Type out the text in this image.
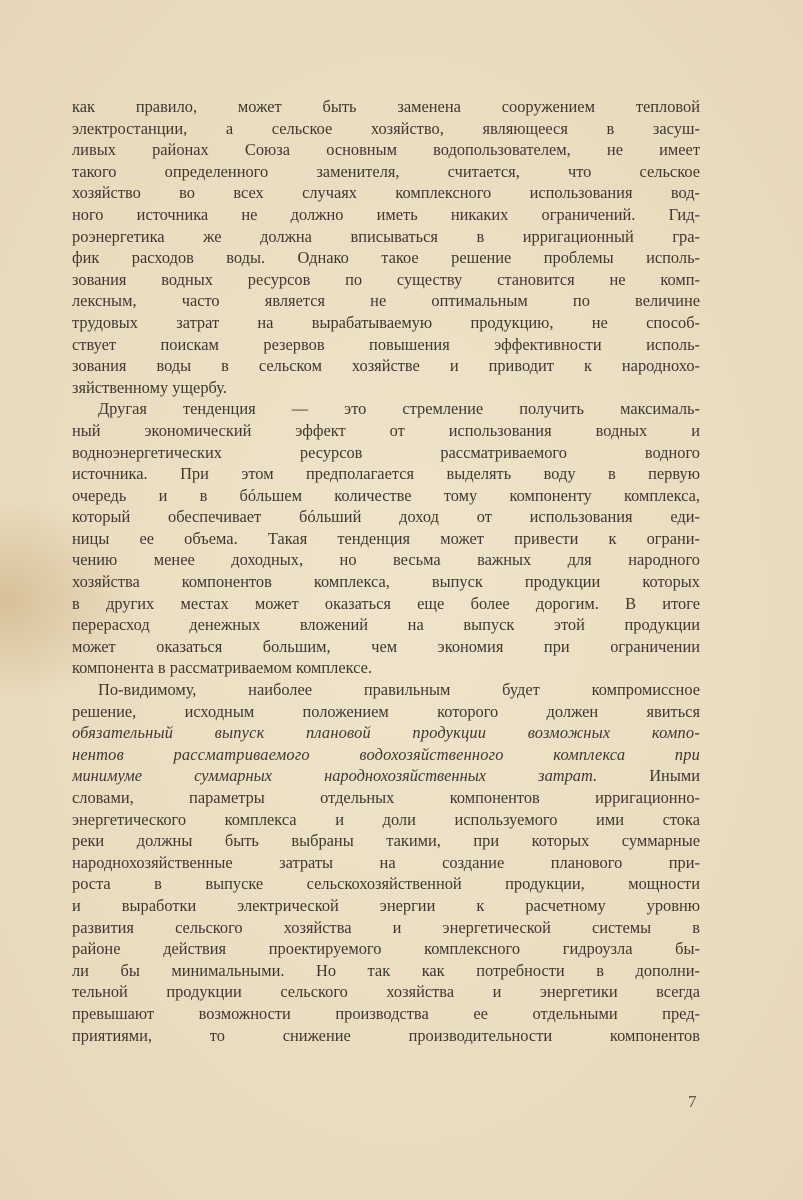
как правило, может быть заменена сооружением тепловой
электростанции, а сельское хозяйство, являющееся в засуш-
ливых районах Союза основным водопользователем, не имеет
такого определенного заменителя, считается, что сельское
хозяйство во всех случаях комплексного использования вод-
ного источника не должно иметь никаких ограничений. Гид-
роэнергетика же должна вписываться в ирригационный гра-
фик расходов воды. Однако такое решение проблемы исполь-
зования водных ресурсов по существу становится не комп-
лексным, часто является не оптимальным по величине
трудовых затрат на вырабатываемую продукцию, не способ-
ствует поискам резервов повышения эффективности исполь-
зования воды в сельском хозяйстве и приводит к народнохо-
зяйственному ущербу.
Другая тенденция — это стремление получить максималь-
ный экономический эффект от использования водных и
водноэнергетических ресурсов рассматриваемого водного
источника. При этом предполагается выделять воду в первую
очередь и в бóльшем количестве тому компоненту комплекса,
который обеспечивает бóльший доход от использования еди-
ницы ее объема. Такая тенденция может привести к ограни-
чению менее доходных, но весьма важных для народного
хозяйства компонентов комплекса, выпуск продукции которых
в других местах может оказаться еще более дорогим. В итоге
перерасход денежных вложений на выпуск этой продукции
может оказаться большим, чем экономия при ограничении
компонента в рассматриваемом комплексе.
По-видимому, наиболее правильным будет компромиссное
решение, исходным положением которого должен явиться
обязательный выпуск плановой продукции возможных компо-
нентов рассматриваемого водохозяйственного комплекса при
минимуме суммарных народнохозяйственных затрат. Иными
словами, параметры отдельных компонентов ирригационно-
энергетического комплекса и доли используемого ими стока
реки должны быть выбраны такими, при которых суммарные
народнохозяйственные затраты на создание планового при-
роста в выпуске сельскохозяйственной продукции, мощности
и выработки электрической энергии к расчетному уровню
развития сельского хозяйства и энергетической системы в
районе действия проектируемого комплексного гидроузла бы-
ли бы минимальными. Но так как потребности в дополни-
тельной продукции сельского хозяйства и энергетики всегда
превышают возможности производства ее отдельными пред-
приятиями, то снижение производительности компонентов
7
